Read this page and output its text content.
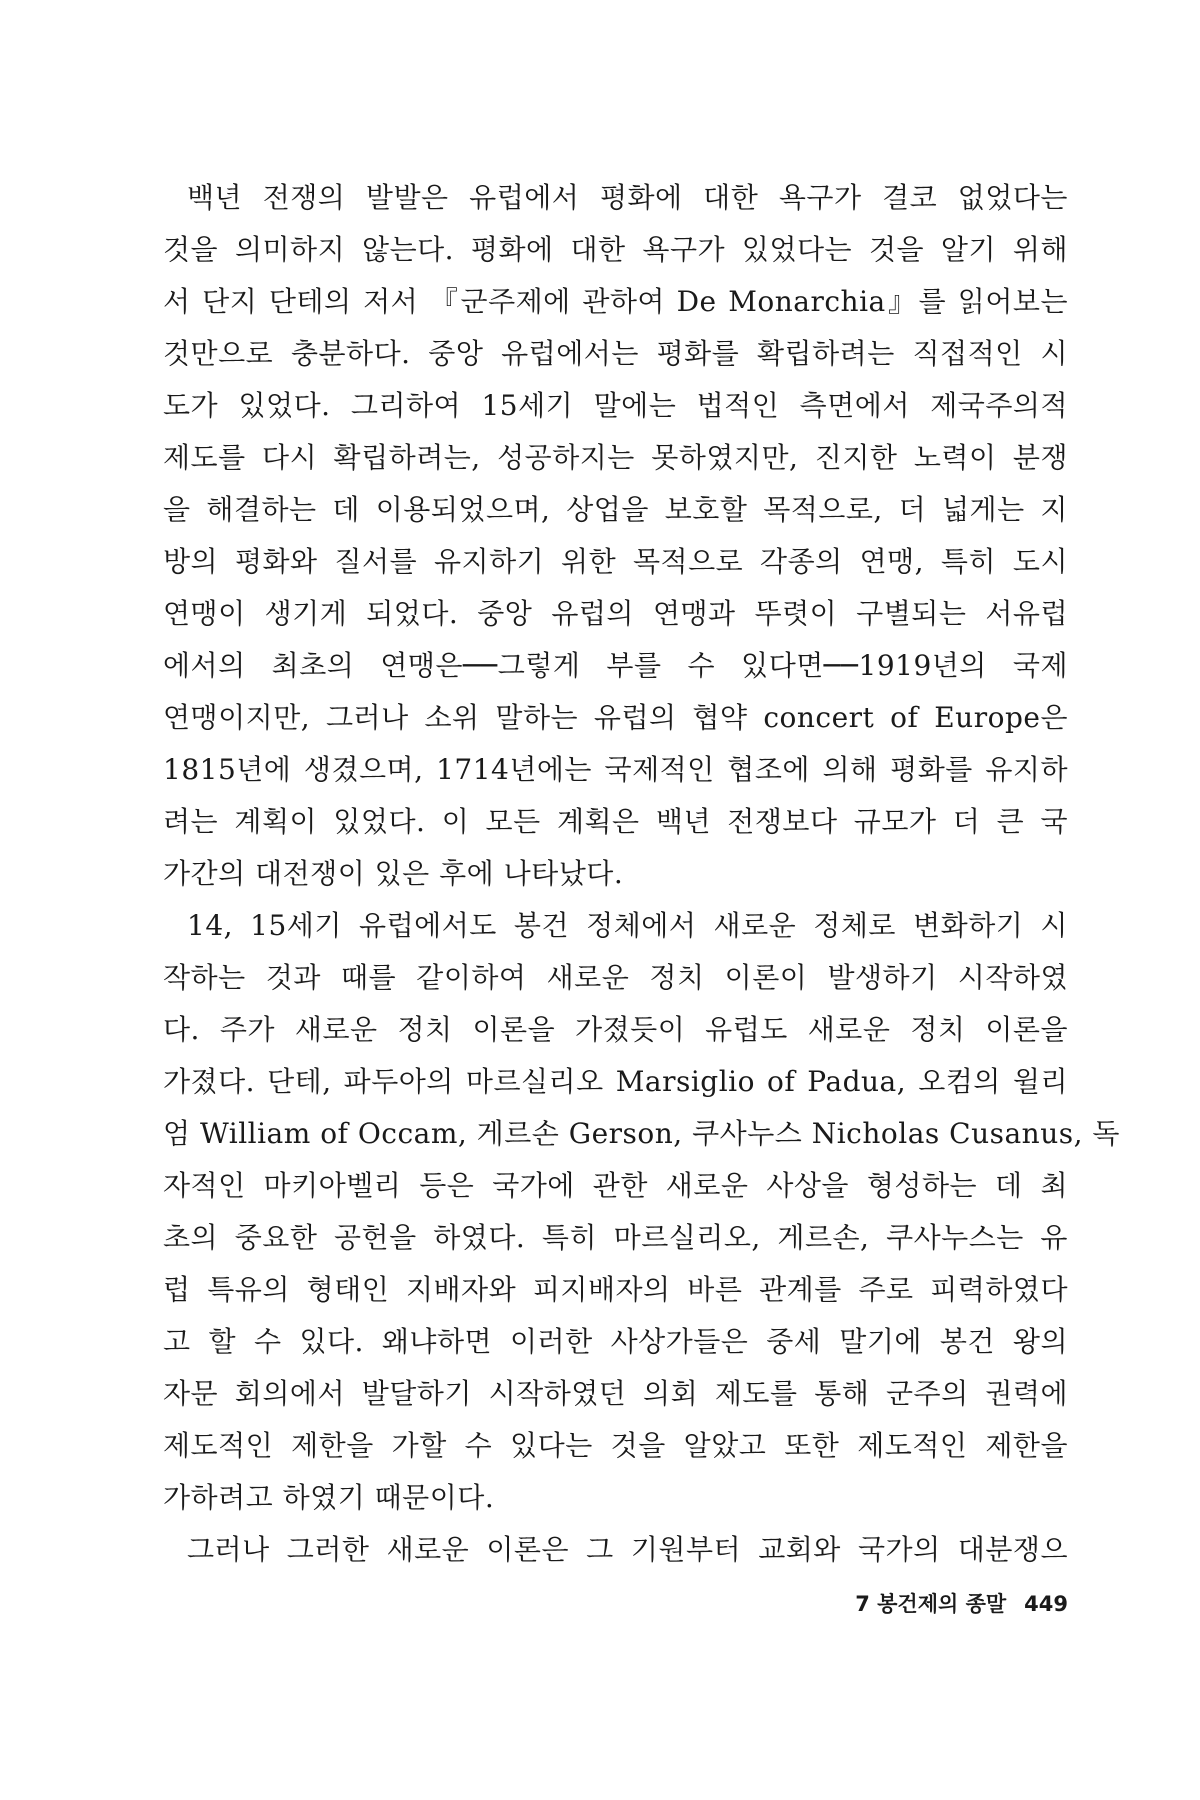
백년 전쟁의 발발은 유럽에서 평화에 대한 욕구가 결코 없었다는
것을 의미하지 않는다. 평화에 대한 욕구가 있었다는 것을 알기 위해
서 단지 단테의 저서 『군주제에 관하여 De Monarchia』를 읽어보는
것만으로 충분하다. 중앙 유럽에서는 평화를 확립하려는 직접적인 시
도가 있었다. 그리하여 15세기 말에는 법적인 측면에서 제국주의적
제도를 다시 확립하려는, 성공하지는 못하였지만, 진지한 노력이 분쟁
을 해결하는 데 이용되었으며, 상업을 보호할 목적으로, 더 넓게는 지
방의 평화와 질서를 유지하기 위한 목적으로 각종의 연맹, 특히 도시
연맹이 생기게 되었다. 중앙 유럽의 연맹과 뚜렷이 구별되는 서유럽
에서의 최초의 연맹은──그렇게 부를 수 있다면──1919년의 국제
연맹이지만, 그러나 소위 말하는 유럽의 협약 concert of Europe은
1815년에 생겼으며, 1714년에는 국제적인 협조에 의해 평화를 유지하
려는 계획이 있었다. 이 모든 계획은 백년 전쟁보다 규모가 더 큰 국
가간의 대전쟁이 있은 후에 나타났다.
14, 15세기 유럽에서도 봉건 정체에서 새로운 정체로 변화하기 시
작하는 것과 때를 같이하여 새로운 정치 이론이 발생하기 시작하였
다. 주가 새로운 정치 이론을 가졌듯이 유럽도 새로운 정치 이론을
가졌다. 단테, 파두아의 마르실리오 Marsiglio of Padua, 오컴의 윌리
엄 William of Occam, 게르손 Gerson, 쿠사누스 Nicholas Cusanus, 독
자적인 마키아벨리 등은 국가에 관한 새로운 사상을 형성하는 데 최
초의 중요한 공헌을 하였다. 특히 마르실리오, 게르손, 쿠사누스는 유
럽 특유의 형태인 지배자와 피지배자의 바른 관계를 주로 피력하였다
고 할 수 있다. 왜냐하면 이러한 사상가들은 중세 말기에 봉건 왕의
자문 회의에서 발달하기 시작하였던 의회 제도를 통해 군주의 권력에
제도적인 제한을 가할 수 있다는 것을 알았고 또한 제도적인 제한을
가하려고 하였기 때문이다.
그러나 그러한 새로운 이론은 그 기원부터 교회와 국가의 대분쟁으
7 봉건제의 종말 449
